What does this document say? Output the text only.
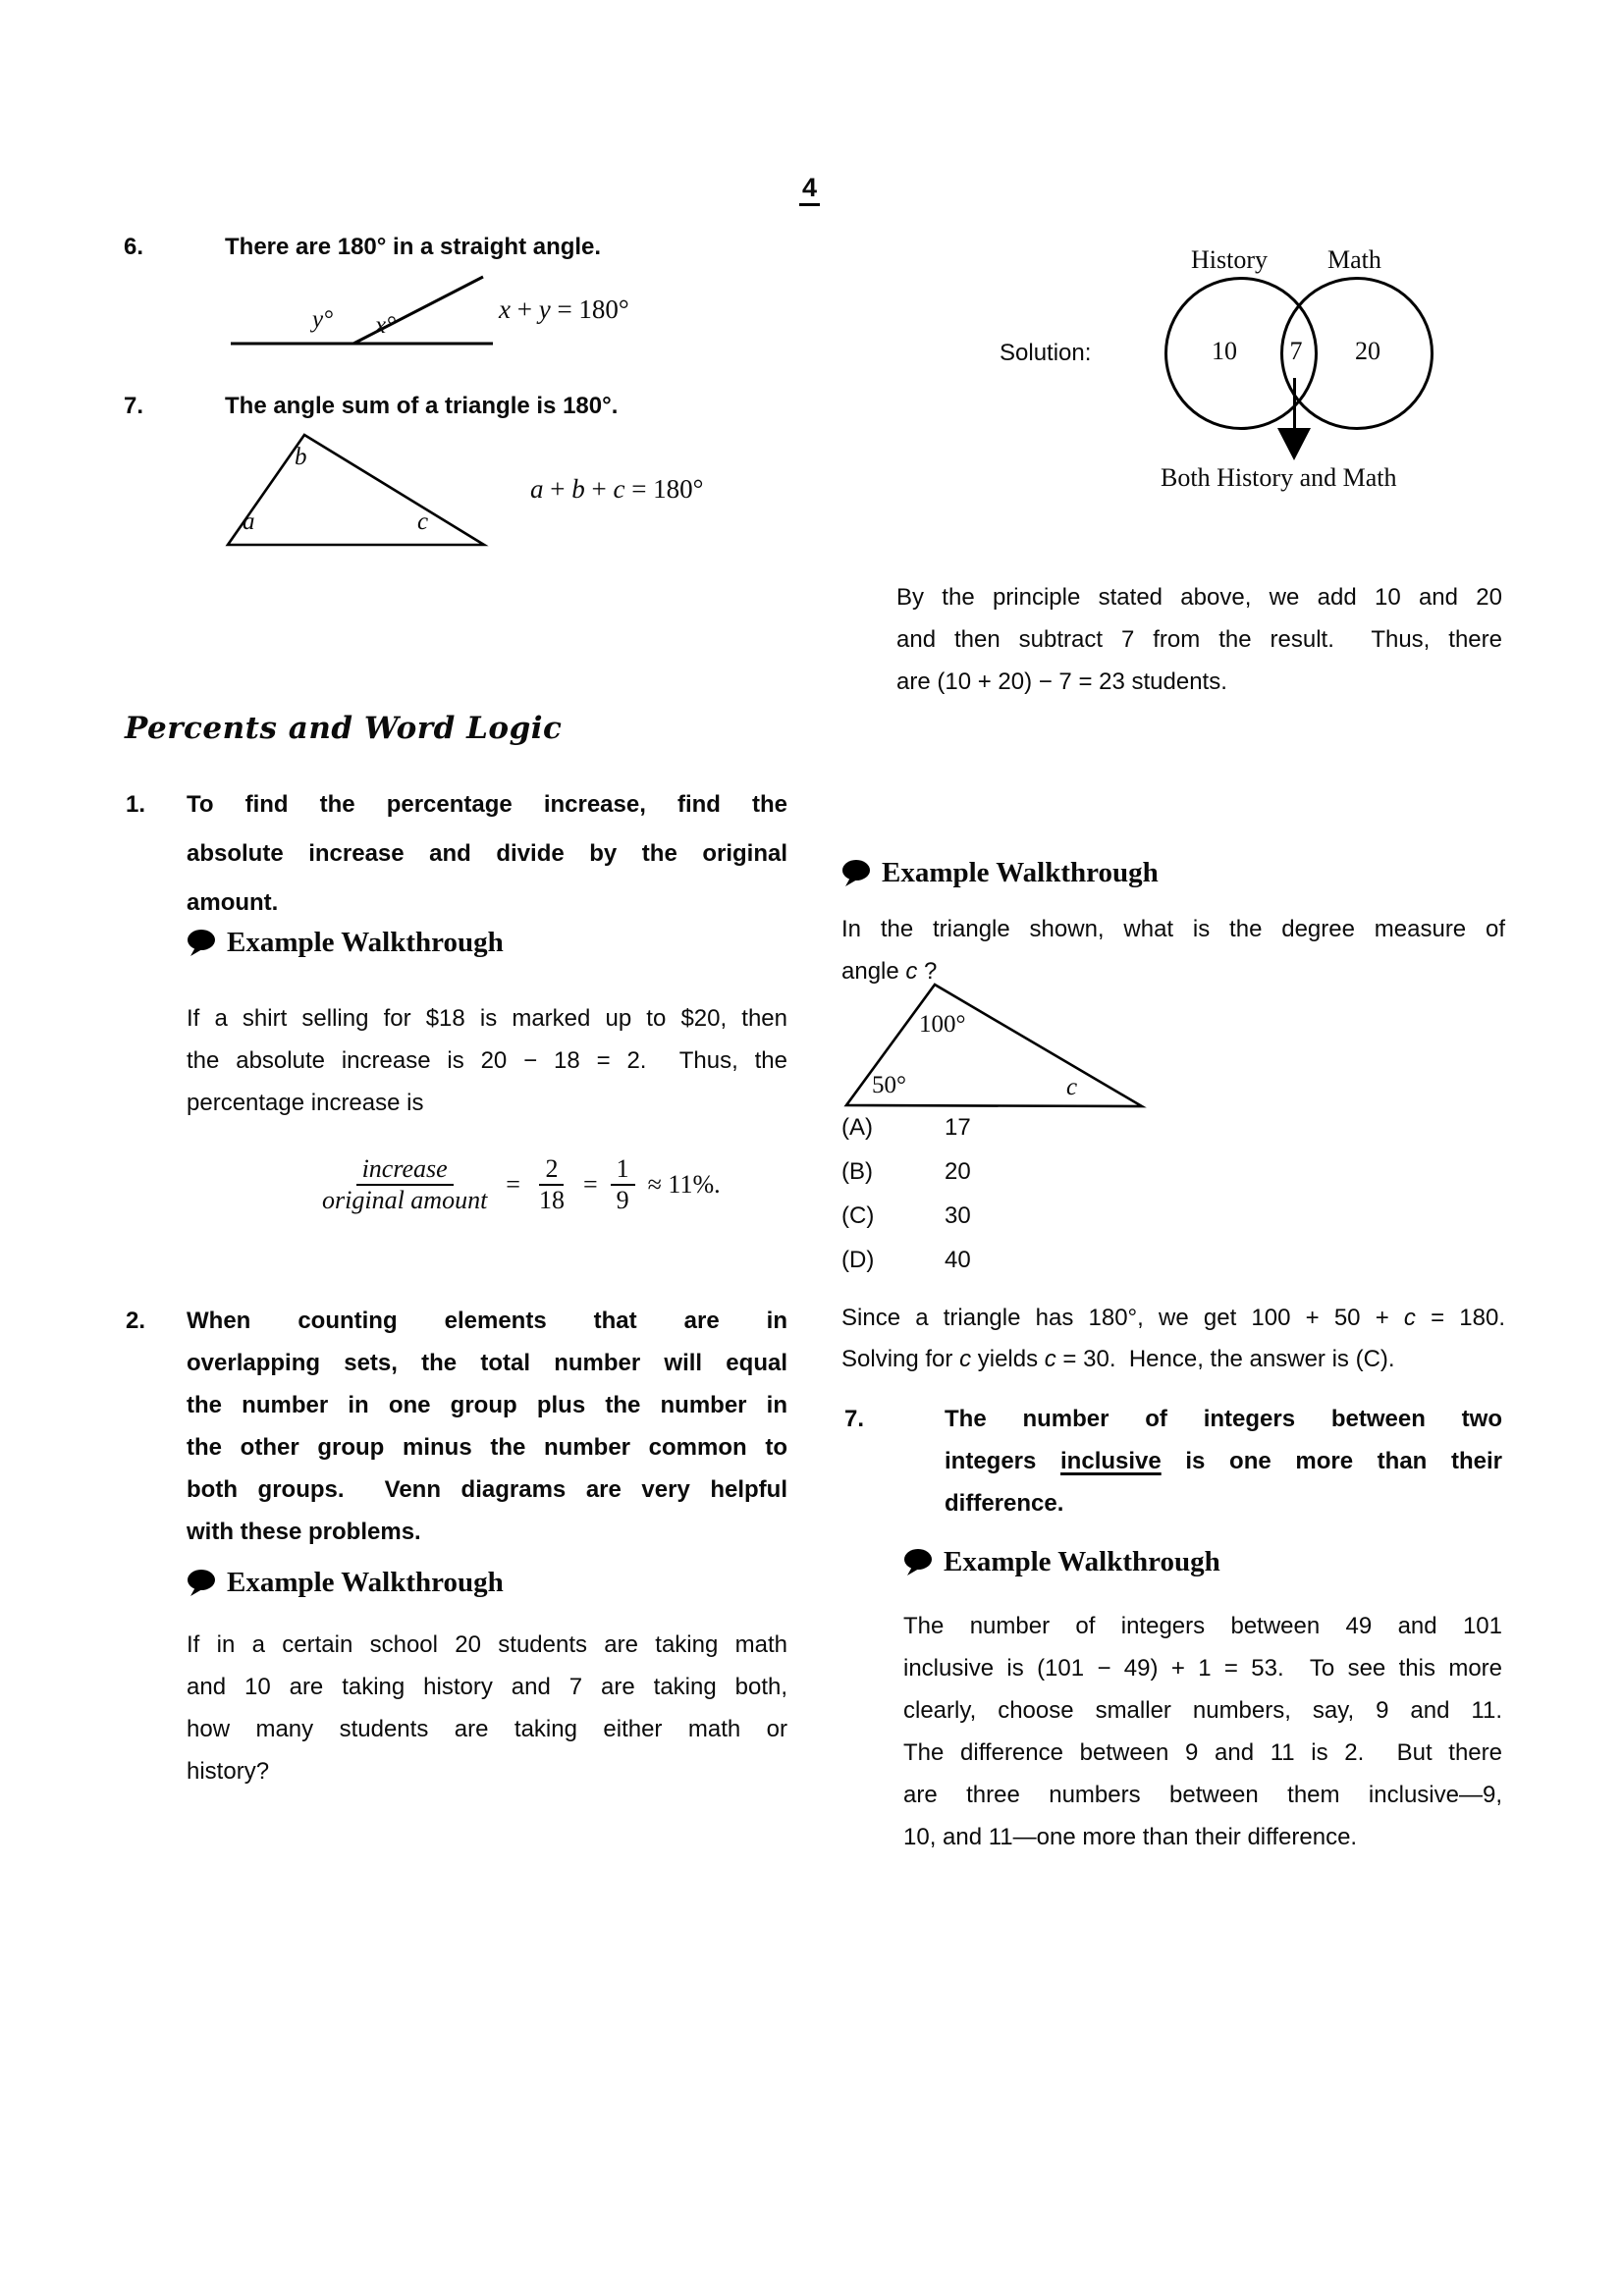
4
6.	There are 180° in a straight angle.
y° x°
x + y = 180°
7.	The angle sum of a triangle is 180°.
b
a	c
a + b + c = 180°
Percents and Word Logic
1. To find the percentage increase, find the
absolute increase and divide by the original
amount.
Example Walkthrough
If a shirt selling for $18 is marked up to $20, then
the absolute increase is 20 − 18 = 2.  Thus, the
percentage increase is
$\frac{\text{increase}}{\text{original amount}} = \frac{2}{18} = \frac{1}{9} \approx 11\%$.
2. When counting elements that are in
overlapping sets, the total number will equal
the number in one group plus the number in
the other group minus the number common to
both groups.  Venn diagrams are very helpful
with these problems.
Example Walkthrough
If in a certain school 20 students are taking math
and 10 are taking history and 7 are taking both,
how many students are taking either math or
history?
History Math
Solution:	10	7	20
Both History and Math
By the principle stated above, we add 10 and 20
and then subtract 7 from the result.  Thus, there
are (10 + 20) − 7 = 23 students.
Example Walkthrough
In the triangle shown, what is the degree measure of
angle c ?
100°
50°	c
(A)	17
(B)	20
(C)	30
(D)	40
Since a triangle has 180°, we get 100 + 50 + c = 180.
Solving for c yields c = 30.  Hence, the answer is (C).
7.	The number of integers between two
integers inclusive is one more than their
difference.
Example Walkthrough
The number of integers between 49 and 101
inclusive is (101 − 49) + 1 = 53.  To see this more
clearly, choose smaller numbers, say, 9 and 11.
The difference between 9 and 11 is 2.  But there
are three numbers between them inclusive—9,
10, and 11—one more than their difference.
